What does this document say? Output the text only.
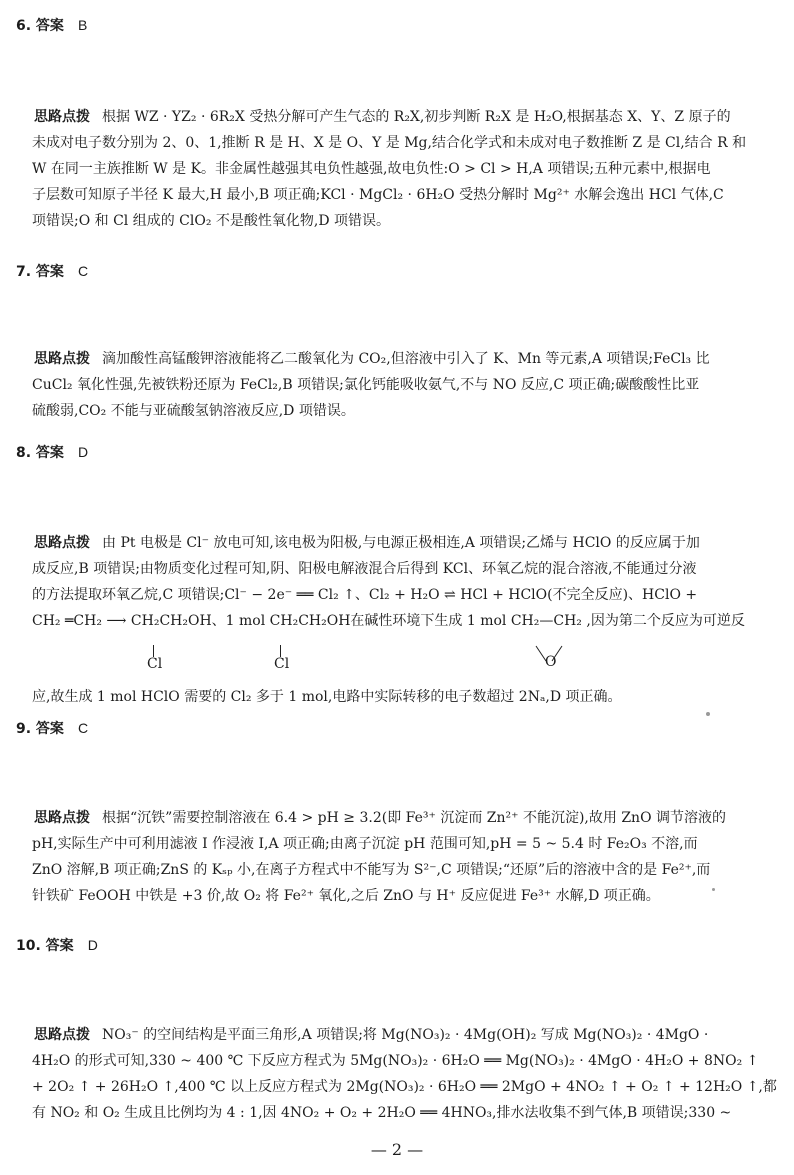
6. 答案 B
思路点拨 根据 WZ · YZ₂ · 6R₂X 受热分解可产生气态的 R₂X,初步判断 R₂X 是 H₂O,根据基态 X、Y、Z 原子的
未成对电子数分别为 2、0、1,推断 R 是 H、X 是 O、Y 是 Mg,结合化学式和未成对电子数推断 Z 是 Cl,结合 R 和
W 在同一主族推断 W 是 K。非金属性越强其电负性越强,故电负性:O > Cl > H,A 项错误;五种元素中,根据电
子层数可知原子半径 K 最大,H 最小,B 项正确;KCl · MgCl₂ · 6H₂O 受热分解时 Mg²⁺ 水解会逸出 HCl 气体,C
项错误;O 和 Cl 组成的 ClO₂ 不是酸性氧化物,D 项错误。
7. 答案 C
思路点拨 滴加酸性高锰酸钾溶液能将乙二酸氧化为 CO₂,但溶液中引入了 K、Mn 等元素,A 项错误;FeCl₃ 比
CuCl₂ 氧化性强,先被铁粉还原为 FeCl₂,B 项错误;氯化钙能吸收氨气,不与 NO 反应,C 项正确;碳酸酸性比亚
硫酸弱,CO₂ 不能与亚硫酸氢钠溶液反应,D 项错误。
8. 答案 D
思路点拨 由 Pt 电极是 Cl⁻ 放电可知,该电极为阳极,与电源正极相连,A 项错误;乙烯与 HClO 的反应属于加
成反应,B 项错误;由物质变化过程可知,阴、阳极电解液混合后得到 KCl、环氧乙烷的混合溶液,不能通过分液
的方法提取环氧乙烷,C 项错误;Cl⁻ − 2e⁻ ══ Cl₂ ↑、Cl₂ + H₂O ⇌ HCl + HClO(不完全反应)、HClO +
CH₂ ═CH₂ ⟶ CH₂CH₂OH、1 mol CH₂CH₂OH在碱性环境下生成 1 mol CH₂—CH₂ ,因为第二个反应为可逆反
Cl	Cl	O
应,故生成 1 mol HClO 需要的 Cl₂ 多于 1 mol,电路中实际转移的电子数超过 2Nₐ,D 项正确。
9. 答案 C
思路点拨 根据“沉铁”需要控制溶液在 6.4 > pH ≥ 3.2(即 Fe³⁺ 沉淀而 Zn²⁺ 不能沉淀),故用 ZnO 调节溶液的
pH,实际生产中可利用滤液 Ⅰ 作浸液 Ⅰ,A 项正确;由离子沉淀 pH 范围可知,pH = 5 ~ 5.4 时 Fe₂O₃ 不溶,而
ZnO 溶解,B 项正确;ZnS 的 Kₛₚ 小,在离子方程式中不能写为 S²⁻,C 项错误;“还原”后的溶液中含的是 Fe²⁺,而
针铁矿 FeOOH 中铁是 +3 价,故 O₂ 将 Fe²⁺ 氧化,之后 ZnO 与 H⁺ 反应促进 Fe³⁺ 水解,D 项正确。
10. 答案 D
思路点拨 NO₃⁻ 的空间结构是平面三角形,A 项错误;将 Mg(NO₃)₂ · 4Mg(OH)₂ 写成 Mg(NO₃)₂ · 4MgO ·
4H₂O 的形式可知,330 ~ 400 ℃ 下反应方程式为 5Mg(NO₃)₂ · 6H₂O ══ Mg(NO₃)₂ · 4MgO · 4H₂O + 8NO₂ ↑
+ 2O₂ ↑ + 26H₂O ↑,400 ℃ 以上反应方程式为 2Mg(NO₃)₂ · 6H₂O ══ 2MgO + 4NO₂ ↑ + O₂ ↑ + 12H₂O ↑,都
有 NO₂ 和 O₂ 生成且比例均为 4 : 1,因 4NO₂ + O₂ + 2H₂O ══ 4HNO₃,排水法收集不到气体,B 项错误;330 ~
— 2 —
